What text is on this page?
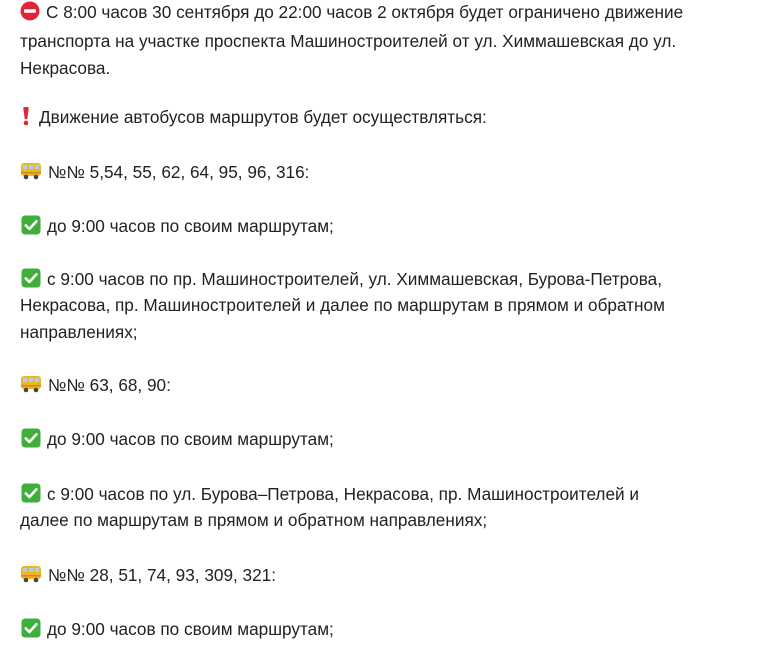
С 8:00 часов 30 сентября до 22:00 часов 2 октября будет ограничено движение
транспорта на участке проспекта Машиностроителей от ул. Химмашевская до ул.
Некрасова.
Движение автобусов маршрутов будет осуществляться:
№№ 5,54, 55, 62, 64, 95, 96, 316:
до 9:00 часов по своим маршрутам;
с 9:00 часов по пр. Машиностроителей, ул. Химмашевская, Бурова-Петрова,
Некрасова, пр. Машиностроителей и далее по маршрутам в прямом и обратном
направлениях;
№№ 63, 68, 90:
до 9:00 часов по своим маршрутам;
с 9:00 часов по ул. Бурова–Петрова, Некрасова, пр. Машиностроителей и
далее по маршрутам в прямом и обратном направлениях;
№№ 28, 51, 74, 93, 309, 321:
до 9:00 часов по своим маршрутам;
